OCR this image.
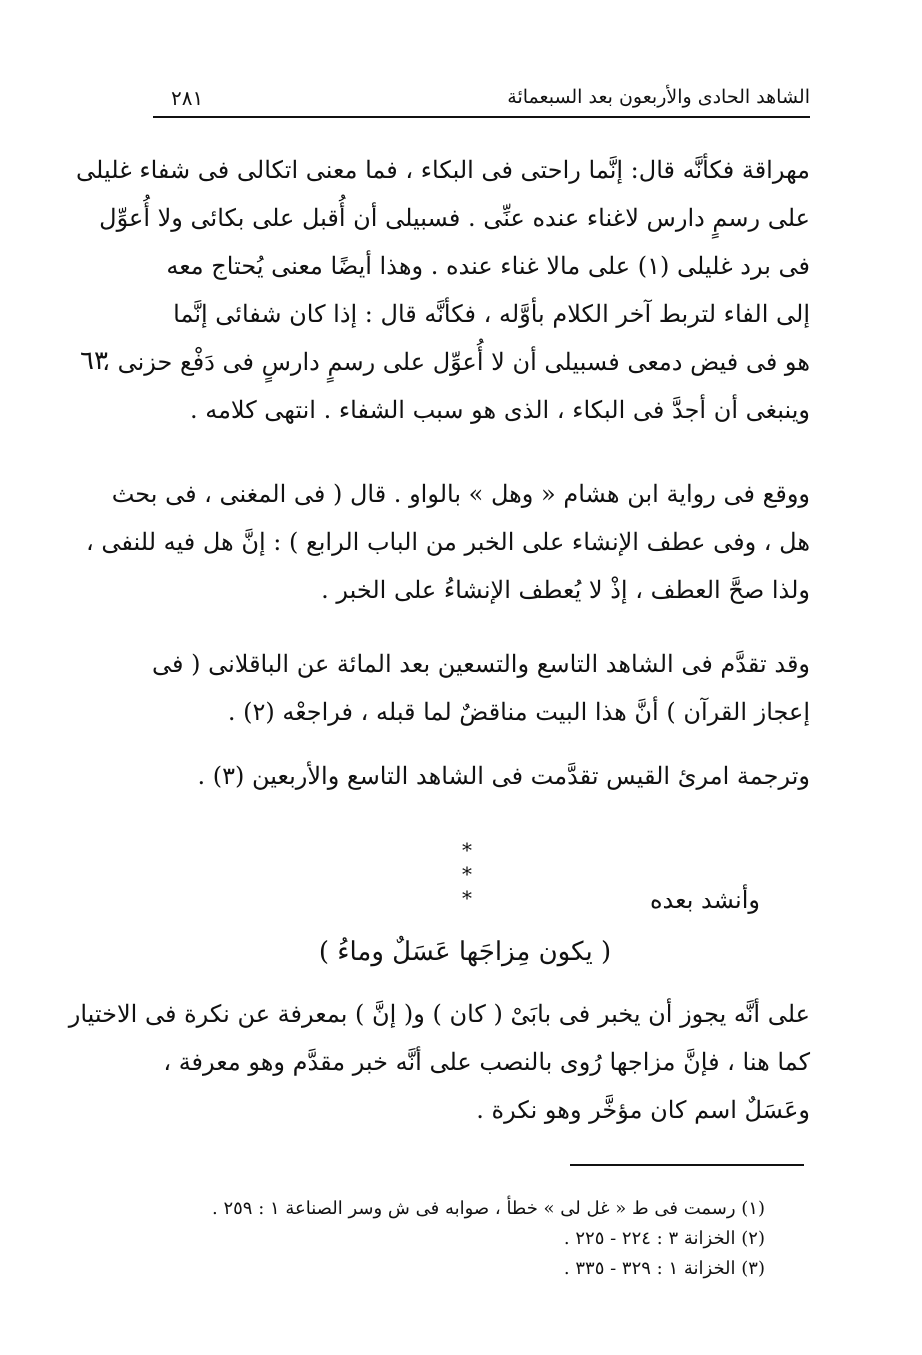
الشاهد الحادى والأربعون بعد السبعمائة
٢٨١
٦٣
مهراقة فكأنَّه قال: إنَّما راحتى فى البكاء ، فما معنى اتكالى فى شفاء غليلى
على رسمٍ دارس لاغناء عنده عنِّى . فسبيلى أن أُقبل على بكائى ولا أُعوِّل
فى برد غليلى (١) على مالا غناء عنده . وهذا أيضًا معنى يُحتاج معه
إلى الفاء لتربط آخر الكلام بأوَّله ، فكأنَّه قال : إذا كان شفائى إنَّما
هو فى فيض دمعى فسبيلى أن لا أُعوِّل على رسمٍ دارسٍ فى دَفْع حزنى ،
وينبغى أن أجدَّ فى البكاء ، الذى هو سبب الشفاء . انتهى كلامه .
ووقع فى رواية ابن هشام « وهل » بالواو . قال ( فى المغنى ، فى بحث
هل ، وفى عطف الإنشاء على الخبر من الباب الرابع ) : إنَّ هل فيه للنفى ،
ولذا صحَّ العطف ، إذْ لا يُعطف الإنشاءُ على الخبر .
وقد تقدَّم فى الشاهد التاسع والتسعين بعد المائة عن الباقلانى ( فى
إعجاز القرآن ) أنَّ هذا البيت مناقضٌ لما قبله ، فراجعْه (٢) .
وترجمة امرئ القيس تقدَّمت فى الشاهد التاسع والأربعين (٣) .
* * *	وأنشد بعده
( يكون مِزاجَها عَسَلٌ وماءُ )
على أنَّه يجوز أن يخبر فى بابَىْ ( كان ) و( إنَّ ) بمعرفة عن نكرة فى الاختيار
كما هنا ، فإنَّ مزاجها رُوى بالنصب على أنَّه خبر مقدَّم وهو معرفة ،
وعَسَلٌ اسم كان مؤخَّر وهو نكرة .
(١) رسمت فى ط « غل لى » خطأ ، صوابه فى ش وسر الصناعة ١ : ٢٥٩ .
(٢) الخزانة ٣ : ٢٢٤ - ٢٢٥ .
(٣) الخزانة ١ : ٣٢٩ - ٣٣٥ .
